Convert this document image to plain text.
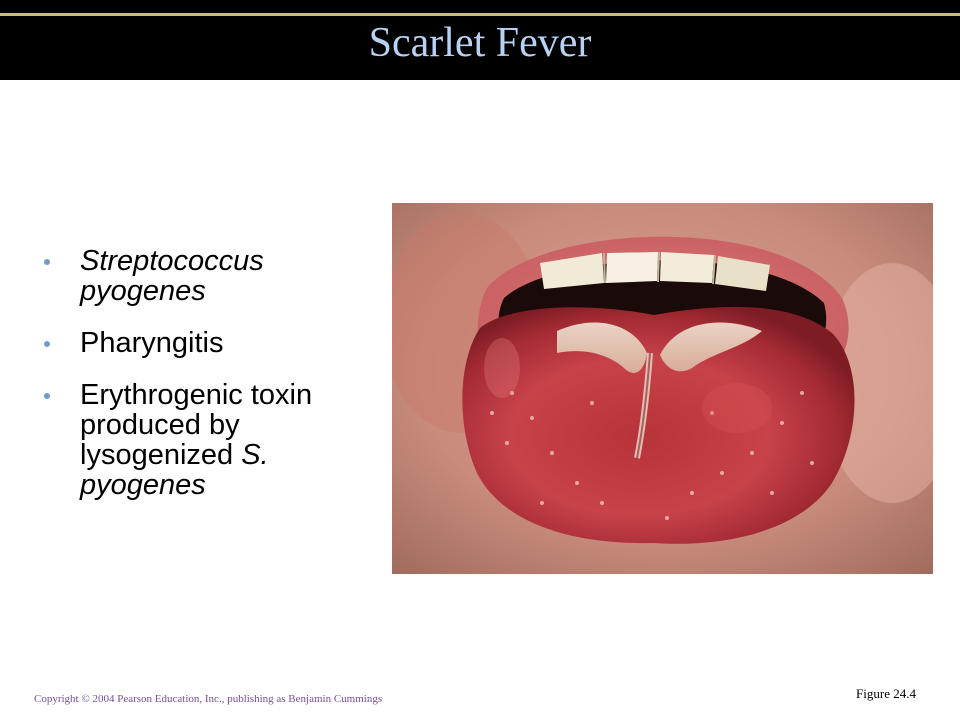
Scarlet Fever
Streptococcus pyogenes
Pharyngitis
Erythrogenic toxin produced by lysogenized S. pyogenes
Copyright © 2004 Pearson Education, Inc., publishing as Benjamin Cummings	Figure 24.4
